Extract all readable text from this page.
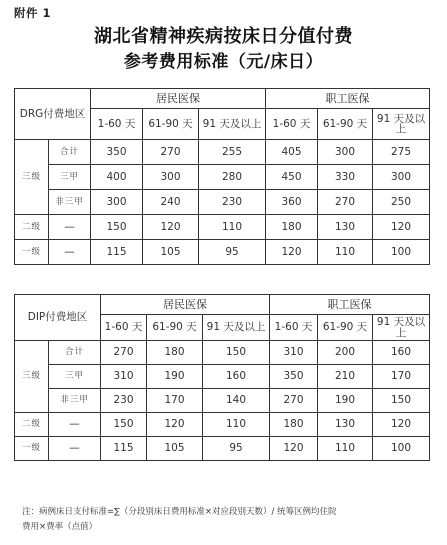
附件 1
湖北省精神疾病按床日分值付费
参考费用标准（元/床日）
DRG付费地区		居民医保			职工医保		
		1-60 天	61-90 天	91 天及以上	1-60 天	61-90 天	91 天及以上
三级	合计	350	270	255	405	300	275
	三甲	400	300	280	450	330	300
	非三甲	300	240	230	360	270	250
二级	—	150	120	110	180	130	120
一级	—	115	105	95	120	110	100
DIP付费地区		居民医保			职工医保		
		1-60 天	61-90 天	91 天及以上	1-60 天	61-90 天	91 天及以上
三级	合计	270	180	150	310	200	160
	三甲	310	190	160	350	210	170
	非三甲	230	170	140	270	190	150
二级	—	150	120	110	180	130	120
一级	—	115	105	95	120	110	100
注：病例床日支付标准=∑（分段别床日费用标准×对应段别天数）/ 统筹区例均住院
费用×费率（点值）
